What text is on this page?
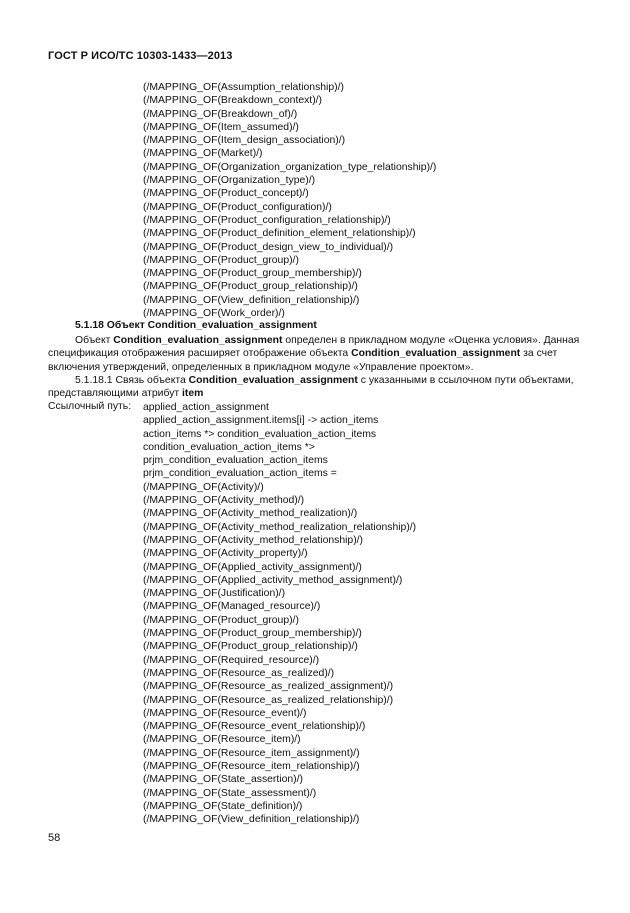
ГОСТ Р ИСО/ТС 10303-1433—2013
(/MAPPING_OF(Assumption_relationship)/)
(/MAPPING_OF(Breakdown_context)/)
(/MAPPING_OF(Breakdown_of)/)
(/MAPPING_OF(Item_assumed)/)
(/MAPPING_OF(Item_design_association)/)
(/MAPPING_OF(Market)/)
(/MAPPING_OF(Organization_organization_type_relationship)/)
(/MAPPING_OF(Organization_type)/)
(/MAPPING_OF(Product_concept)/)
(/MAPPING_OF(Product_configuration)/)
(/MAPPING_OF(Product_configuration_relationship)/)
(/MAPPING_OF(Product_definition_element_relationship)/)
(/MAPPING_OF(Product_design_view_to_individual)/)
(/MAPPING_OF(Product_group)/)
(/MAPPING_OF(Product_group_membership)/)
(/MAPPING_OF(Product_group_relationship)/)
(/MAPPING_OF(View_definition_relationship)/)
(/MAPPING_OF(Work_order)/)
5.1.18 Объект Condition_evaluation_assignment
Объект Condition_evaluation_assignment определен в прикладном модуле «Оценка условия». Данная спецификация отображения расширяет отображение объекта Condition_evaluation_assignment за счет включения утверждений, определенных в прикладном модуле «Управление проектом».
5.1.18.1 Связь объекта Condition_evaluation_assignment с указанными в ссылочном пути объектами, представляющими атрибут item
Ссылочный путь: applied_action_assignment
applied_action_assignment.items[i] -> action_items
action_items *> condition_evaluation_action_items
condition_evaluation_action_items *>
prjm_condition_evaluation_action_items
prjm_condition_evaluation_action_items =
(/MAPPING_OF(Activity)/)
(/MAPPING_OF(Activity_method)/)
(/MAPPING_OF(Activity_method_realization)/)
(/MAPPING_OF(Activity_method_realization_relationship)/)
(/MAPPING_OF(Activity_method_relationship)/)
(/MAPPING_OF(Activity_property)/)
(/MAPPING_OF(Applied_activity_assignment)/)
(/MAPPING_OF(Applied_activity_method_assignment)/)
(/MAPPING_OF(Justification)/)
(/MAPPING_OF(Managed_resource)/)
(/MAPPING_OF(Product_group)/)
(/MAPPING_OF(Product_group_membership)/)
(/MAPPING_OF(Product_group_relationship)/)
(/MAPPING_OF(Required_resource)/)
(/MAPPING_OF(Resource_as_realized)/)
(/MAPPING_OF(Resource_as_realized_assignment)/)
(/MAPPING_OF(Resource_as_realized_relationship)/)
(/MAPPING_OF(Resource_event)/)
(/MAPPING_OF(Resource_event_relationship)/)
(/MAPPING_OF(Resource_item)/)
(/MAPPING_OF(Resource_item_assignment)/)
(/MAPPING_OF(Resource_item_relationship)/)
(/MAPPING_OF(State_assertion)/)
(/MAPPING_OF(State_assessment)/)
(/MAPPING_OF(State_definition)/)
(/MAPPING_OF(View_definition_relationship)/)
58
